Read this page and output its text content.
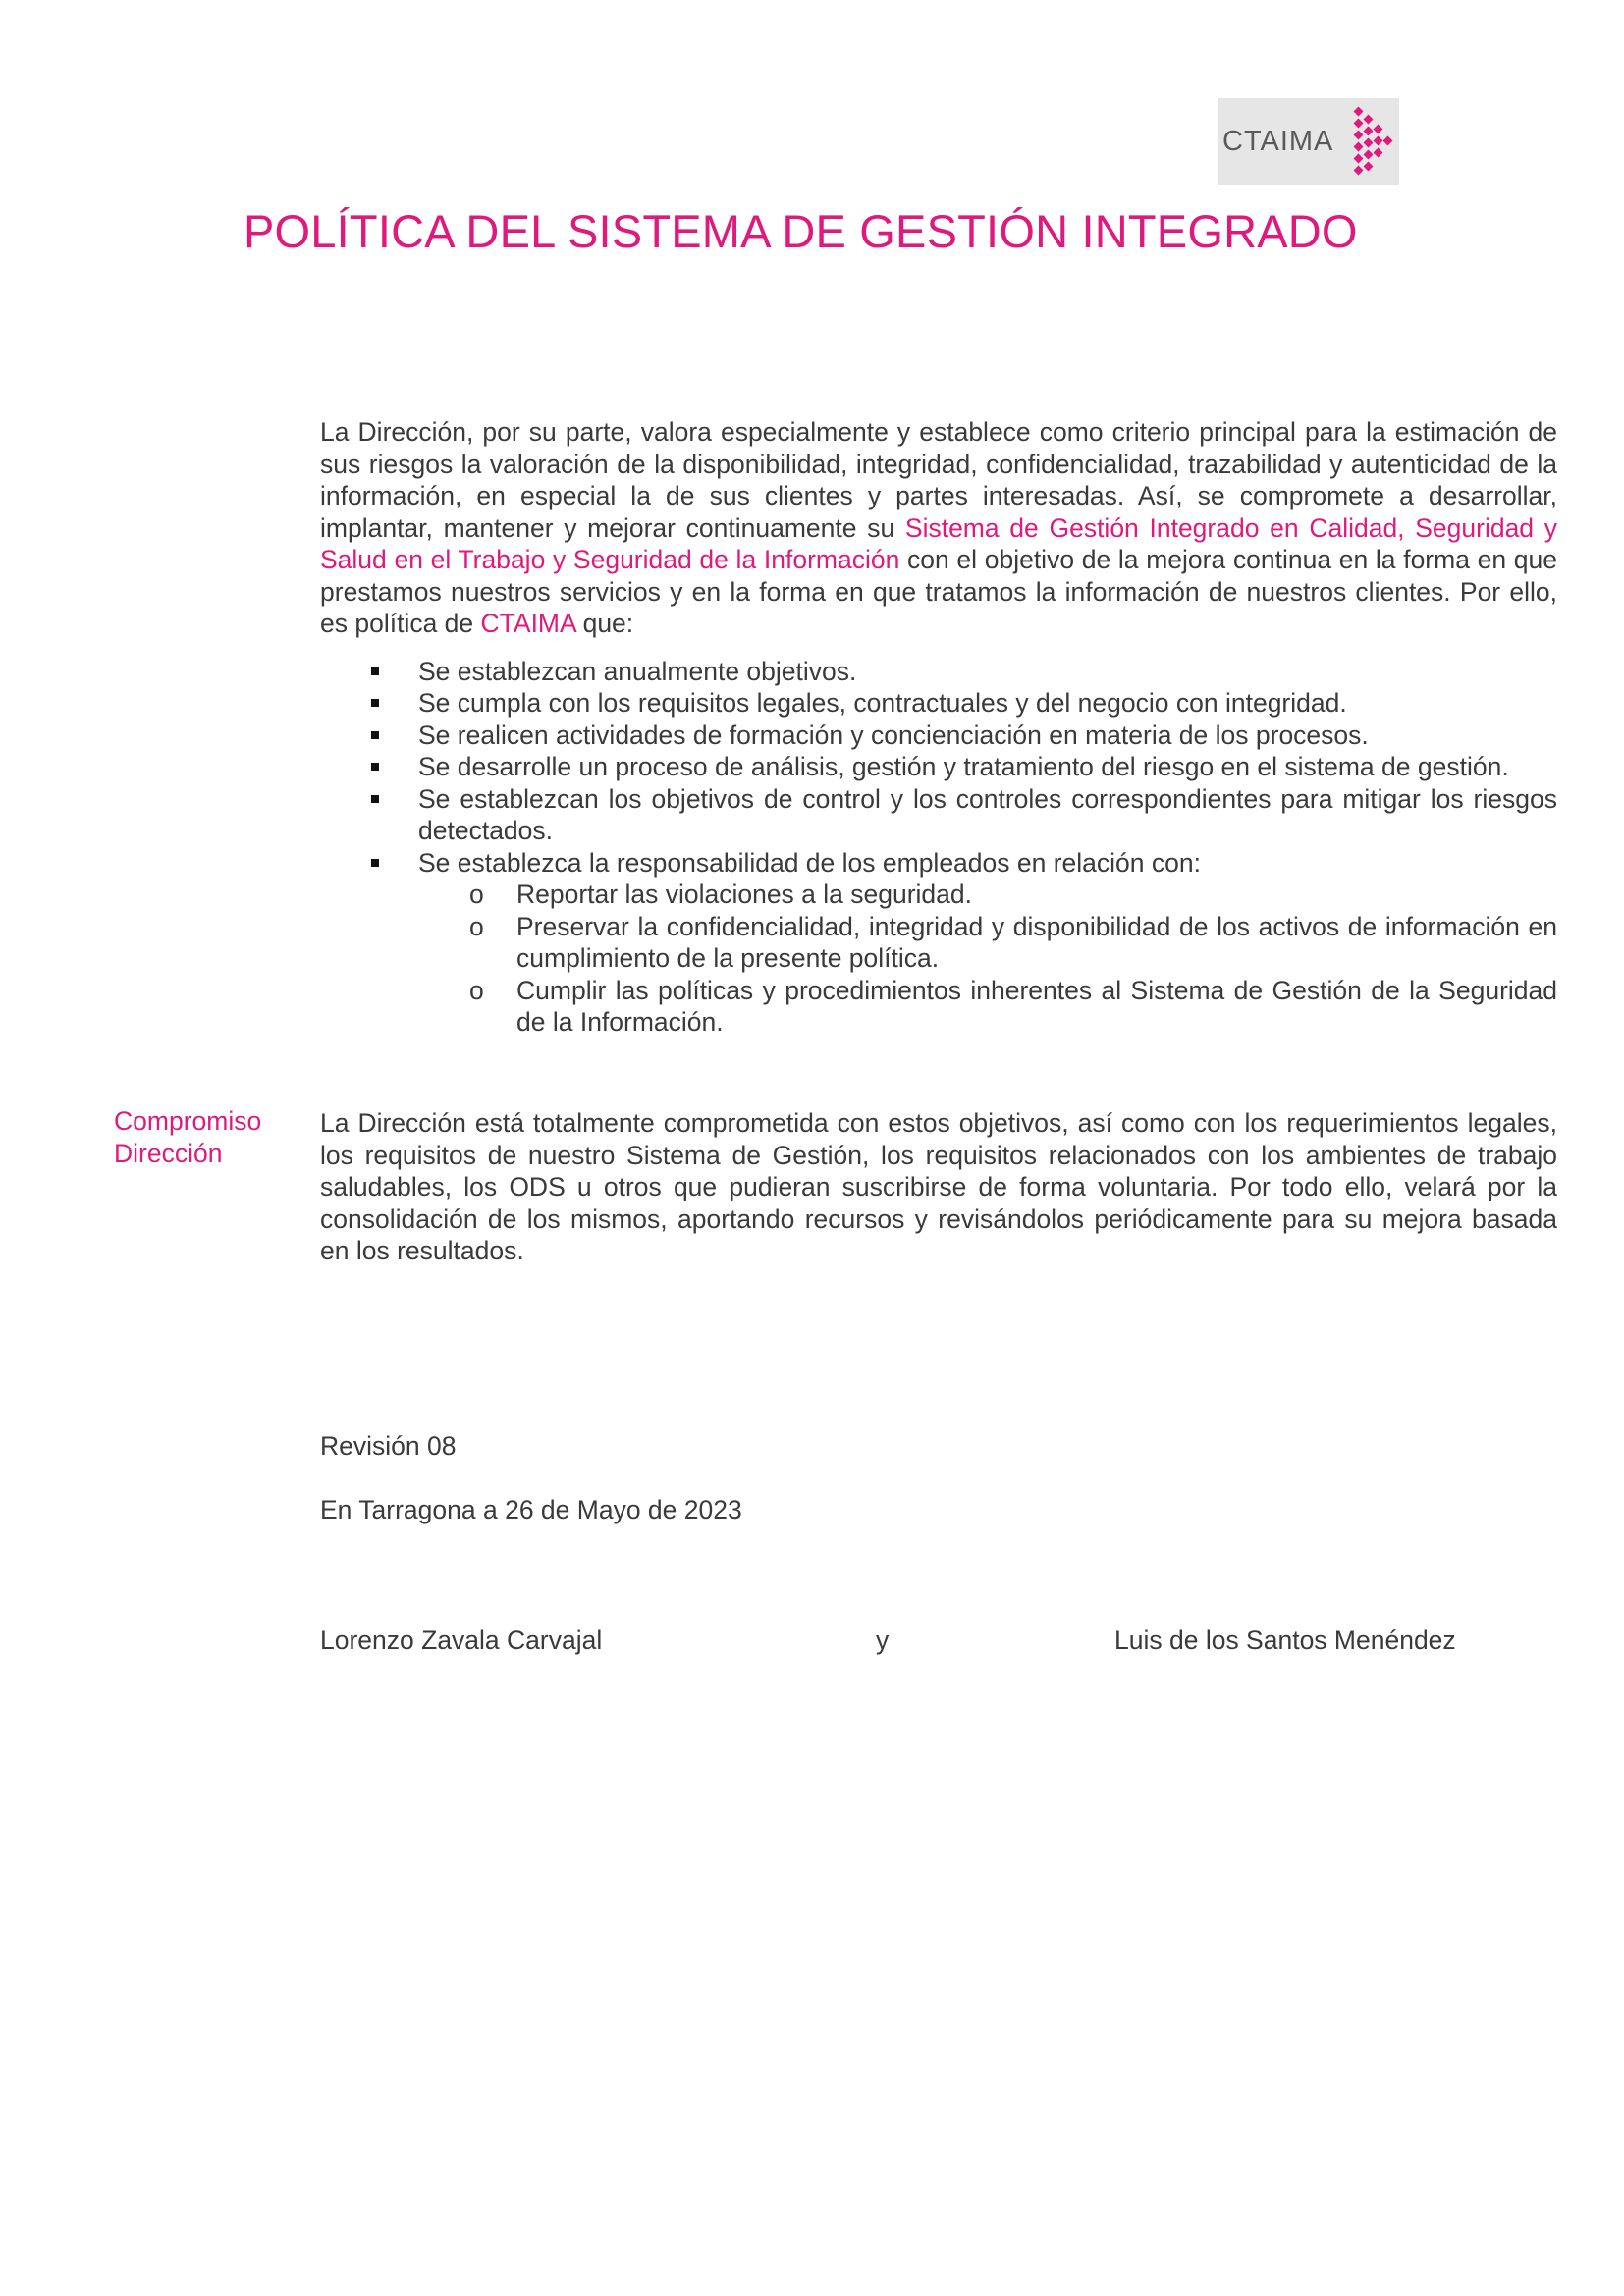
CTAIMA
POLÍTICA DEL SISTEMA DE GESTIÓN INTEGRADO

La Dirección, por su parte, valora especialmente y establece como criterio principal para la estimación de sus riesgos la valoración de la disponibilidad, integridad, confidencialidad, trazabilidad y autenticidad de la información, en especial la de sus clientes y partes interesadas. Así, se compromete a desarrollar, implantar, mantener y mejorar continuamente su Sistema de Gestión Integrado en Calidad, Seguridad y Salud en el Trabajo y Seguridad de la Información con el objetivo de la mejora continua en la forma en que prestamos nuestros servicios y en la forma en que tratamos la información de nuestros clientes. Por ello, es política de CTAIMA que:

Se establezcan anualmente objetivos.
Se cumpla con los requisitos legales, contractuales y del negocio con integridad.
Se realicen actividades de formación y concienciación en materia de los procesos.
Se desarrolle un proceso de análisis, gestión y tratamiento del riesgo en el sistema de gestión.
Se establezcan los objetivos de control y los controles correspondientes para mitigar los riesgos detectados.
Se establezca la responsabilidad de los empleados en relación con:
o Reportar las violaciones a la seguridad.
o Preservar la confidencialidad, integridad y disponibilidad de los activos de información en cumplimiento de la presente política.
o Cumplir las políticas y procedimientos inherentes al Sistema de Gestión de la Seguridad de la Información.
Compromiso
Dirección

La Dirección está totalmente comprometida con estos objetivos, así como con los requerimientos legales, los requisitos de nuestro Sistema de Gestión, los requisitos relacionados con los ambientes de trabajo saludables, los ODS u otros que pudieran suscribirse de forma voluntaria. Por todo ello, velará por la consolidación de los mismos, aportando recursos y revisándolos periódicamente para su mejora basada en los resultados.

Revisión 08
En Tarragona a 26 de Mayo de 2023
Lorenzo Zavala Carvajal	y	Luis de los Santos Menéndez
